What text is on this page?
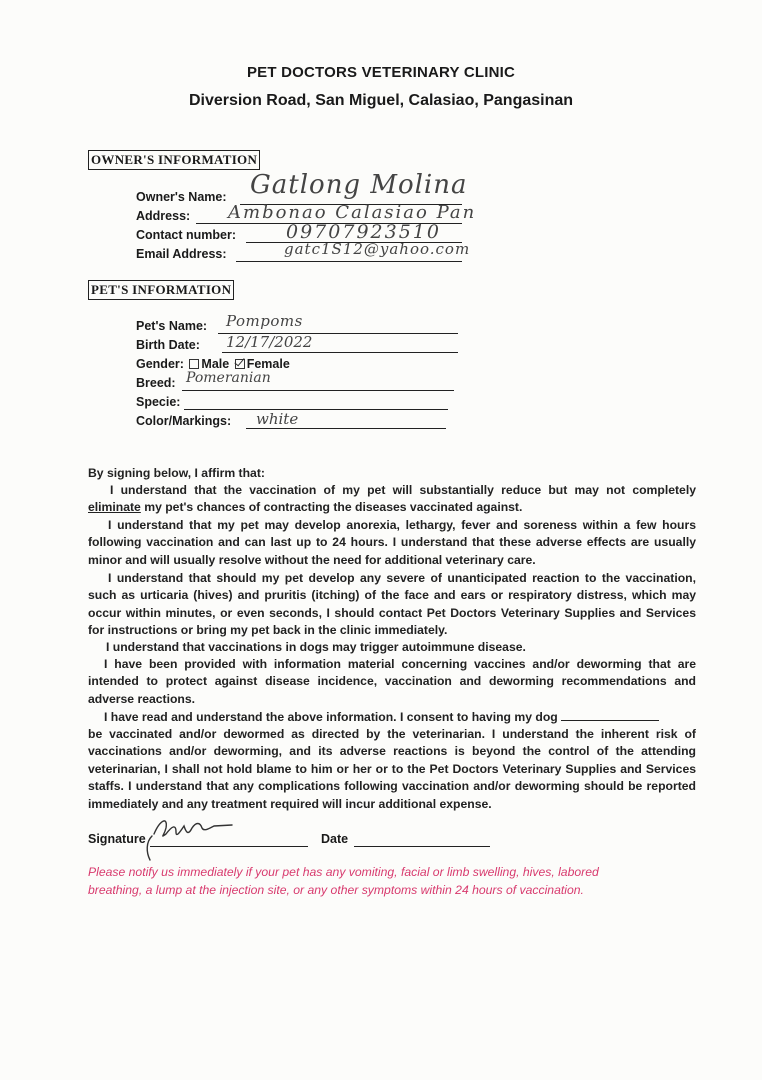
PET DOCTORS VETERINARY CLINIC
Diversion Road, San Miguel, Calasiao, Pangasinan
OWNER'S INFORMATION
Owner's Name: Gatlong Molina
Address: Ambonao Calasiao Pan
Contact number:	09707923510
Email Address:	gatc1S12@yahoo.com
PET'S INFORMATION
Pet's Name: Pompoms
Birth Date: 12/17/2022
Gender: Male Female
Breed: Pomeranian
Specie:
Color/Markings: white
By signing below, I affirm that:
I understand that the vaccination of my pet will substantially reduce but may not completely eliminate my pet's chances of contracting the diseases vaccinated against.
I understand that my pet may develop anorexia, lethargy, fever and soreness within a few hours following vaccination and can last up to 24 hours. I understand that these adverse effects are usually minor and will usually resolve without the need for additional veterinary care.
I understand that should my pet develop any severe of unanticipated reaction to the vaccination, such as urticaria (hives) and pruritis (itching) of the face and ears or respiratory distress, which may occur within minutes, or even seconds, I should contact Pet Doctors Veterinary Supplies and Services for instructions or bring my pet back in the clinic immediately.
I understand that vaccinations in dogs may trigger autoimmune disease.
I have been provided with information material concerning vaccines and/or deworming that are intended to protect against disease incidence, vaccination and deworming recommendations and adverse reactions.
I have read and understand the above information. I consent to having my dog
be vaccinated and/or dewormed as directed by the veterinarian. I understand the inherent risk of vaccinations and/or deworming, and its adverse reactions is beyond the control of the attending veterinarian, I shall not hold blame to him or her or to the Pet Doctors Veterinary Supplies and Services staffs. I understand that any complications following vaccination and/or deworming should be reported immediately and any treatment required will incur additional expense.
Signature	Date
Please notify us immediately if your pet has any vomiting, facial or limb swelling, hives, labored breathing, a lump at the injection site, or any other symptoms within 24 hours of vaccination.
